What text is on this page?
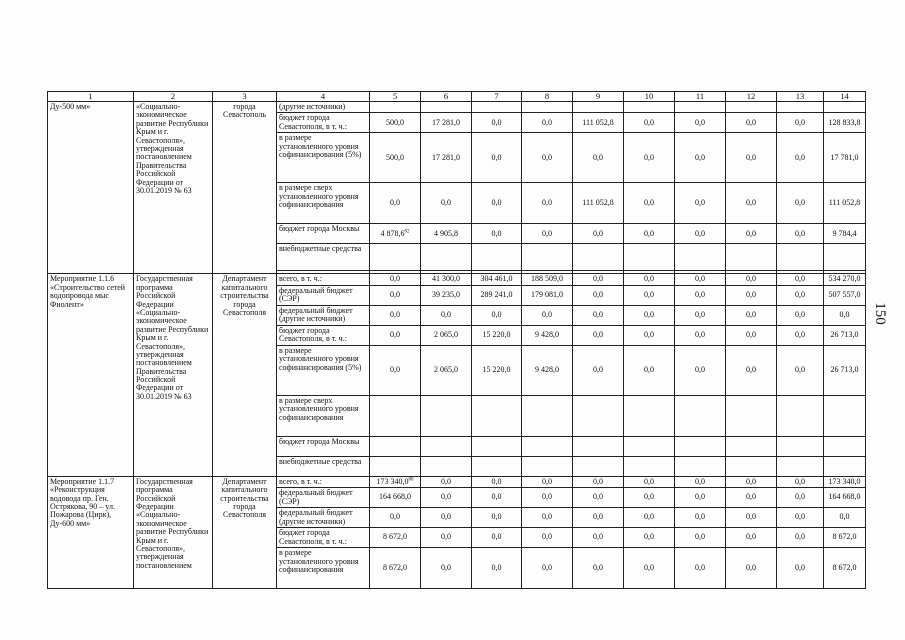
1	2	3	4	5	6	7	8	9	10	11	12	13	14
Ду-500 мм»	«Социально-экономическое развитие Республики Крым и г. Севастополя», утвержденная постановлением Правительства Российской Федерации от 30.01.2019 № 63	города Севастополь	(другие источники)										
			бюджет города Севастополя, в т. ч.:	500,0	17 281,0	0,0	0,0	111 052,8	0,0	0,0	0,0	0,0	128 833,8
			в размере установленного уровня софинансирования (5%)	500,0	17 281,0	0,0	0,0	0,0	0,0	0,0	0,0	0,0	17 781,0
			в размере сверх установленного уровня софинансирования	0,0	0,0	0,0	0,0	111 052,8	0,0	0,0	0,0	0,0	111 052,8
			бюджет города Москвы	4 878,6$^{82}$	4 905,8	0,0	0,0	0,0	0,0	0,0	0,0	0,0	9 784,4
			внебюджетные средства										

Мероприятие 1.1.6 «Строительство сетей водопровода мыс Фиолент»	Государственная программа Российской Федерации «Социально-экономическое развитие Республики Крым и г. Севастополя», утвержденная постановлением Правительства Российской Федерации от 30.01.2019 № 63	Департамент капитального строительства города Севастополя	всего, в т. ч.:	0,0	41 300,0	304 461,0	188 509,0	0,0	0,0	0,0	0,0	0,0	534 270,0
			федеральный бюджет (СЭР)	0,0	39 235,0	289 241,0	179 081,0	0,0	0,0	0,0	0,0	0,0	507 557,0
			федеральный бюджет (другие источники)	0,0	0,0	0,0	0,0	0,0	0,0	0,0	0,0	0,0	0,0
			бюджет города Севастополя, в т. ч.:	0,0	2 065,0	15 220,0	9 428,0	0,0	0,0	0,0	0,0	0,0	26 713,0
			в размере установленного уровня софинансирования (5%)	0,0	2 065,0	15 220,0	9 428,0	0,0	0,0	0,0	0,0	0,0	26 713,0
			в размере сверх установленного уровня софинансирования										
			бюджет города Москвы										
			внебюджетные средства										
Мероприятие 1.1.7 «Реконструкция водовода пр. Ген. Острякова, 90 – ул. Пожарова (Цирк), Ду-600 мм»	Государственная программа Российской Федерации «Социально-экономическое развитие Республики Крым и г. Севастополя», утвержденная постановлением	Департамент капитального строительства города Севастополя	всего, в т. ч.:	173 340,0$^{80}$	0,0	0,0	0,0	0,0	0,0	0,0	0,0	0,0	173 340,0
			федеральный бюджет (СЭР)	164 668,0	0,0	0,0	0,0	0,0	0,0	0,0	0,0	0,0	164 668,0
			федеральный бюджет (другие источники)	0,0	0,0	0,0	0,0	0,0	0,0	0,0	0,0	0,0	0,0
			бюджет города Севастополя, в т. ч.:	8 672,0	0,0	0,0	0,0	0,0	0,0	0,0	0,0	0,0	8 672,0
			в размере установленного уровня софинансирования	8 672,0	0,0	0,0	0,0	0,0	0,0	0,0	0,0	0,0	8 672,0
150
